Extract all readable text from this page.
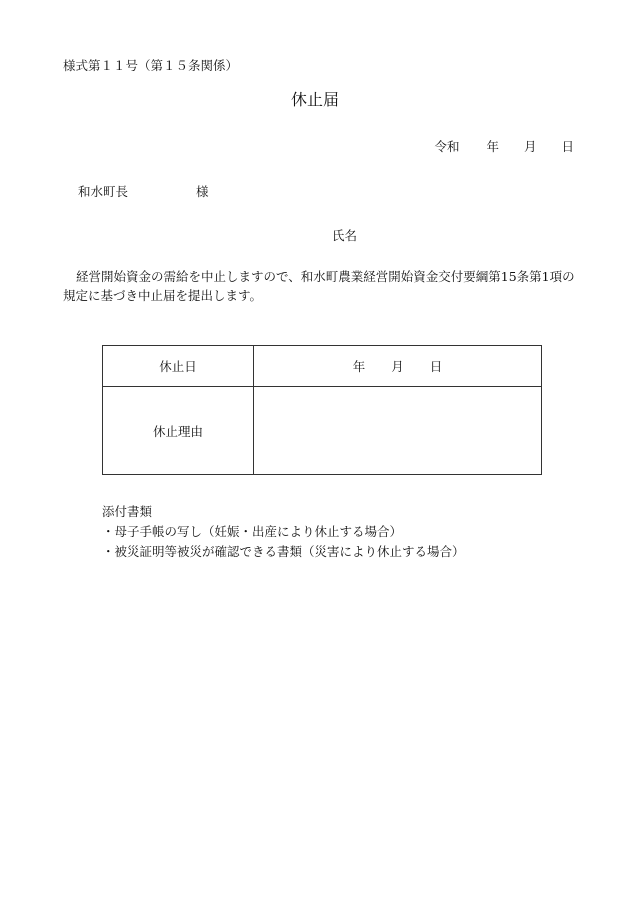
様式第１１号（第１５条関係）
休止届
令和 年 月 日
和水町長	様
氏名
経営開始資金の需給を中止しますので、和水町農業経営開始資金交付要綱第15条第1項の規定に基づき中止届を提出します。
休止日	年 月 日
休止理由	
添付書類
・母子手帳の写し（妊娠・出産により休止する場合）
・被災証明等被災が確認できる書類（災害により休止する場合）
